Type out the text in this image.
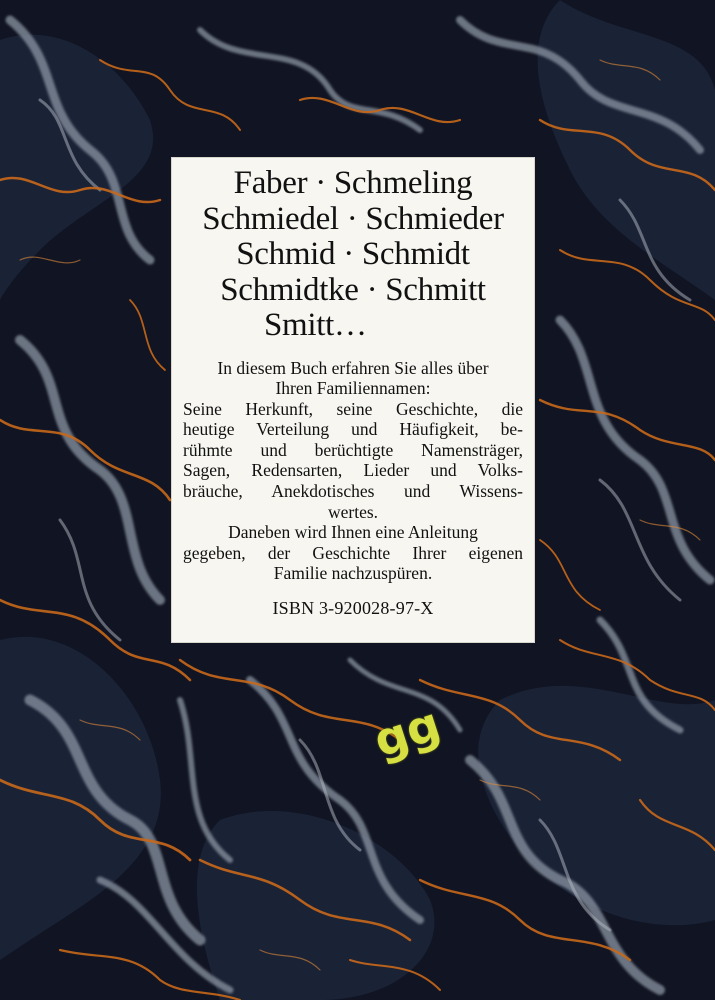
Faber · Schmeling
Schmiedel · Schmieder
Schmid · Schmidt
Schmidtke · Schmitt
Smitt…
In diesem Buch erfahren Sie alles über
Ihren Familiennamen:
Seine Herkunft, seine Geschichte, die
heutige Verteilung und Häufigkeit, be-
rühmte und berüchtigte Namensträger,
Sagen, Redensarten, Lieder und Volks-
bräuche, Anekdotisches und Wissens-
wertes.
Daneben wird Ihnen eine Anleitung
gegeben, der Geschichte Ihrer eigenen
Familie nachzuspüren.
ISBN 3-920028-97-X
gg
